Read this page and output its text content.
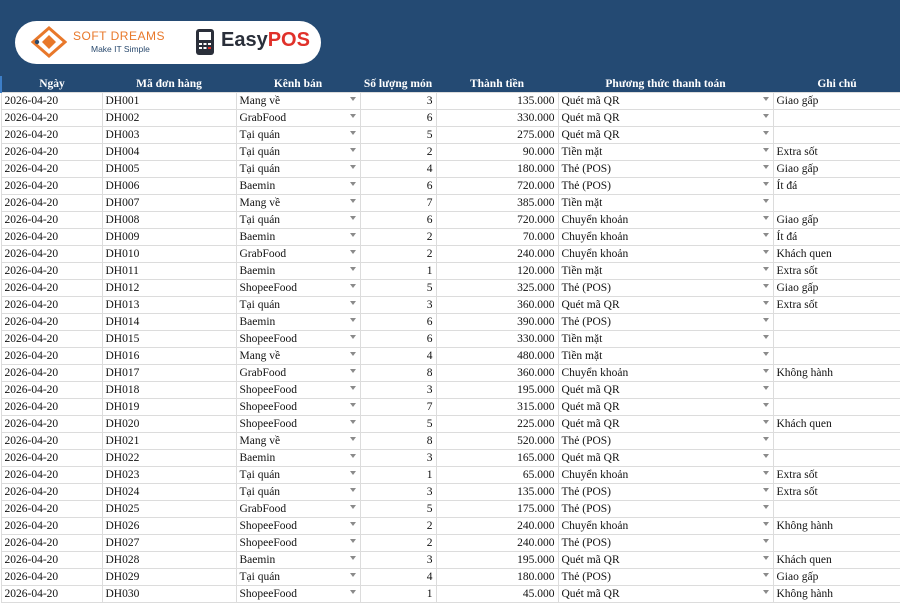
SOFT DREAMS
Make IT Simple	EasyPOS
Ngày	Mã đơn hàng	Kênh bán	Số lượng món	Thành tiền	Phương thức thanh toán	Ghi chú
2026-04-20	DH001	Mang về	3	135.000	Quét mã QR	Giao gấp
2026-04-20	DH002	GrabFood	6	330.000	Quét mã QR

2026-04-20	DH003	Tại quán	5	275.000	Quét mã QR

2026-04-20	DH004	Tại quán	2	90.000	Tiền mặt	Extra sốt
2026-04-20	DH005	Tại quán	4	180.000	Thẻ (POS)	Giao gấp
2026-04-20	DH006	Baemin	6	720.000	Thẻ (POS)	Ít đá
2026-04-20	DH007	Mang về	7	385.000	Tiền mặt

2026-04-20	DH008	Tại quán	6	720.000	Chuyển khoản	Giao gấp
2026-04-20	DH009	Baemin	2	70.000	Chuyển khoản	Ít đá
2026-04-20	DH010	GrabFood	2	240.000	Chuyển khoản	Khách quen
2026-04-20	DH011	Baemin	1	120.000	Tiền mặt	Extra sốt
2026-04-20	DH012	ShopeeFood	5	325.000	Thẻ (POS)	Giao gấp
2026-04-20	DH013	Tại quán	3	360.000	Quét mã QR	Extra sốt
2026-04-20	DH014	Baemin	6	390.000	Thẻ (POS)

2026-04-20	DH015	ShopeeFood	6	330.000	Tiền mặt

2026-04-20	DH016	Mang về	4	480.000	Tiền mặt

2026-04-20	DH017	GrabFood	8	360.000	Chuyển khoản	Không hành
2026-04-20	DH018	ShopeeFood	3	195.000	Quét mã QR

2026-04-20	DH019	ShopeeFood	7	315.000	Quét mã QR

2026-04-20	DH020	ShopeeFood	5	225.000	Quét mã QR	Khách quen
2026-04-20	DH021	Mang về	8	520.000	Thẻ (POS)

2026-04-20	DH022	Baemin	3	165.000	Quét mã QR

2026-04-20	DH023	Tại quán	1	65.000	Chuyển khoản	Extra sốt
2026-04-20	DH024	Tại quán	3	135.000	Thẻ (POS)	Extra sốt
2026-04-20	DH025	GrabFood	5	175.000	Thẻ (POS)

2026-04-20	DH026	ShopeeFood	2	240.000	Chuyển khoản	Không hành
2026-04-20	DH027	ShopeeFood	2	240.000	Thẻ (POS)

2026-04-20	DH028	Baemin	3	195.000	Quét mã QR	Khách quen
2026-04-20	DH029	Tại quán	4	180.000	Thẻ (POS)	Giao gấp
2026-04-20	DH030	ShopeeFood	1	45.000	Quét mã QR	Không hành
